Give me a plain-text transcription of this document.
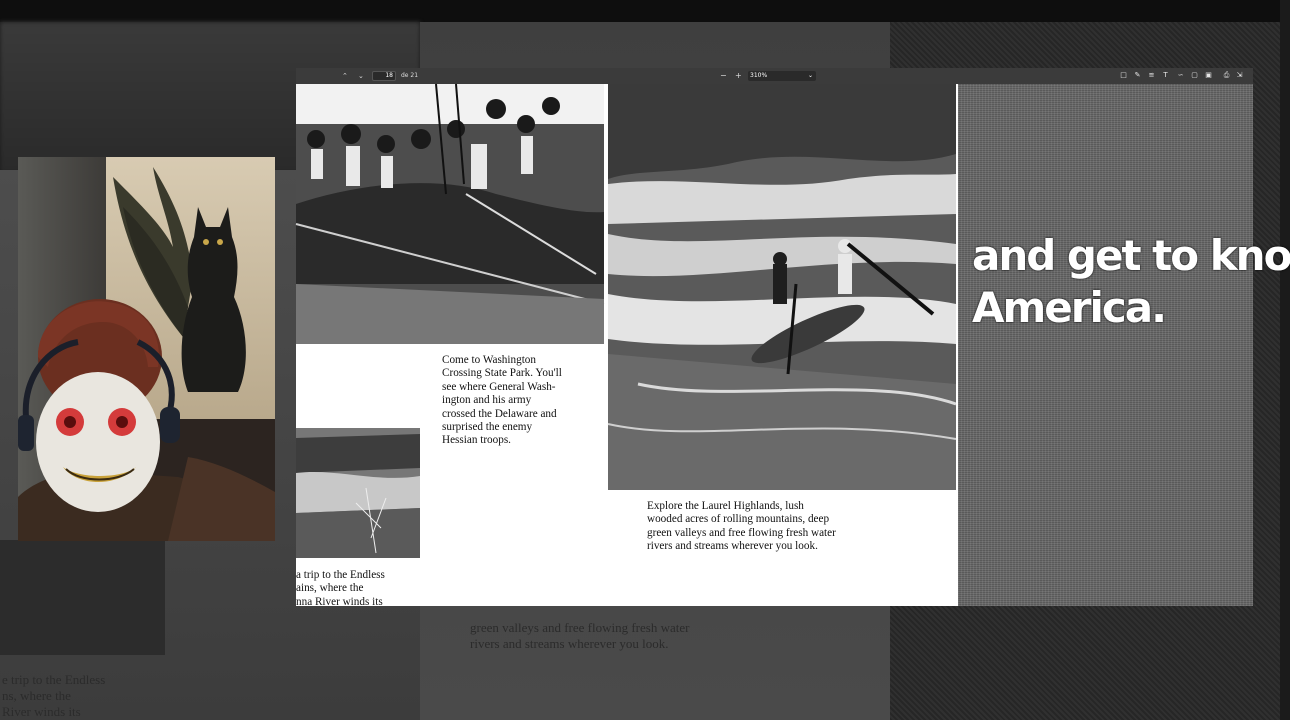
e trip to the Endless
ns, where the
River winds its
green valleys and free flowing fresh water
rivers and streams wherever you look.
⌃ ⌄	18	de 21	− +	310%	⌄	□ ✎ ≌	T	∽ ▢ ▣ ⎙ ⇲
and get to kno
America.
Come to Washington
Crossing State Park. You'll
see where General Wash-
ington and his army
crossed the Delaware and
surprised the enemy
Hessian troops.
Explore the Laurel Highlands, lush
wooded acres of rolling mountains, deep
green valleys and free flowing fresh water
rivers and streams wherever you look.
a trip to the Endless
ains, where the
nna River winds its
